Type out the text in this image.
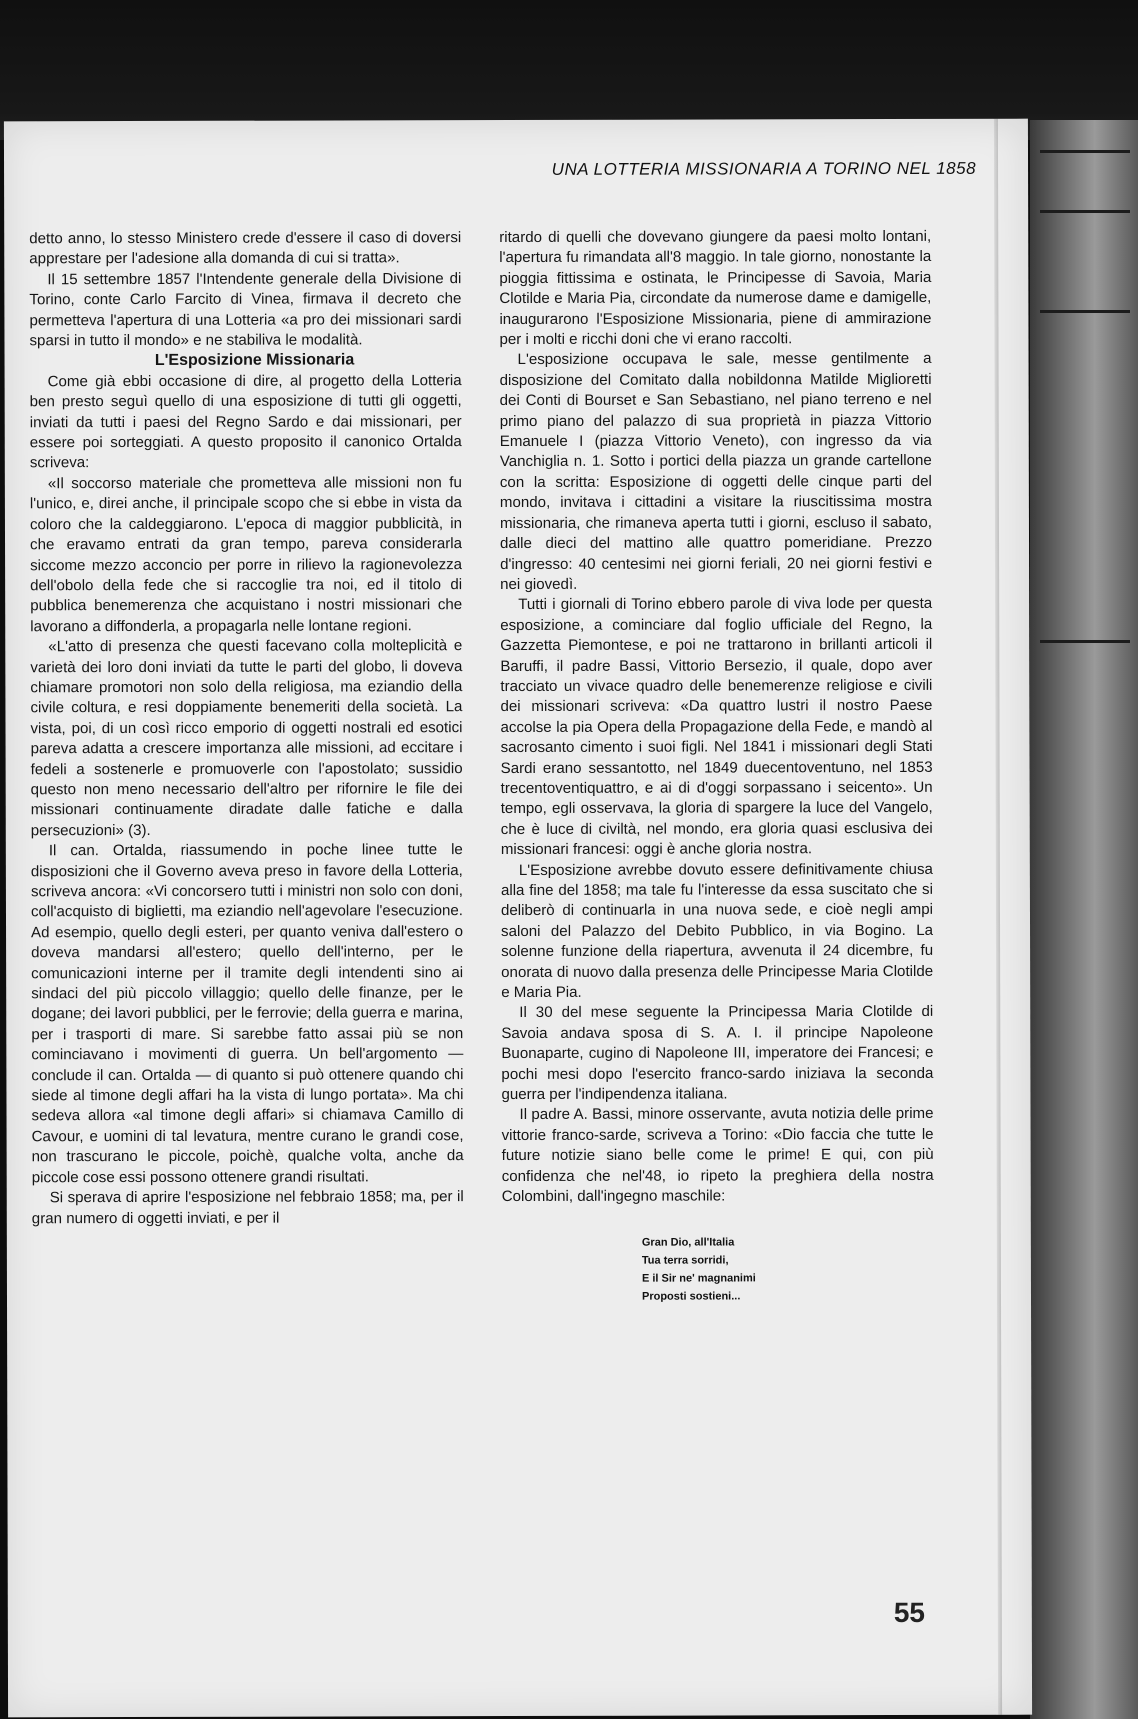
UNA LOTTERIA MISSIONARIA A TORINO NEL 1858

detto anno, lo stesso Ministero crede d'essere il caso di doversi apprestare per l'adesione alla domanda di cui si tratta».

Il 15 settembre 1857 l'Intendente generale della Divisione di Torino, conte Carlo Farcito di Vinea, firmava il decreto che permetteva l'apertura di una Lotteria «a pro dei missionari sardi sparsi in tutto il mondo» e ne stabiliva le modalità.

L'Esposizione Missionaria

Come già ebbi occasione di dire, al progetto della Lotteria ben presto seguì quello di una esposizione di tutti gli oggetti, inviati da tutti i paesi del Regno Sardo e dai missionari, per essere poi sorteggiati. A questo proposito il canonico Ortalda scriveva:

«Il soccorso materiale che prometteva alle missioni non fu l'unico, e, direi anche, il principale scopo che si ebbe in vista da coloro che la caldeggiarono. L'epoca di maggior pubblicità, in che eravamo entrati da gran tempo, pareva considerarla siccome mezzo acconcio per porre in rilievo la ragionevolezza dell'obolo della fede che si raccoglie tra noi, ed il titolo di pubblica benemerenza che acquistano i nostri missionari che lavorano a diffonderla, a propagarla nelle lontane regioni.

«L'atto di presenza che questi facevano colla molteplicità e varietà dei loro doni inviati da tutte le parti del globo, li doveva chiamare promotori non solo della religiosa, ma eziandio della civile coltura, e resi doppiamente benemeriti della società. La vista, poi, di un così ricco emporio di oggetti nostrali ed esotici pareva adatta a crescere importanza alle missioni, ad eccitare i fedeli a sostenerle e promuoverle con l'apostolato; sussidio questo non meno necessario dell'altro per rifornire le file dei missionari continuamente diradate dalle fatiche e dalla persecuzioni» (3).

Il can. Ortalda, riassumendo in poche linee tutte le disposizioni che il Governo aveva preso in favore della Lotteria, scriveva ancora: «Vi concorsero tutti i ministri non solo con doni, coll'acquisto di biglietti, ma eziandio nell'agevolare l'esecuzione. Ad esempio, quello degli esteri, per quanto veniva dall'estero o doveva mandarsi all'estero; quello dell'interno, per le comunicazioni interne per il tramite degli intendenti sino ai sindaci del più piccolo villaggio; quello delle finanze, per le dogane; dei lavori pubblici, per le ferrovie; della guerra e marina, per i trasporti di mare. Si sarebbe fatto assai più se non cominciavano i movimenti di guerra. Un bell'argomento — conclude il can. Ortalda — di quanto si può ottenere quando chi siede al timone degli affari ha la vista di lungo portata». Ma chi sedeva allora «al timone degli affari» si chiamava Camillo di Cavour, e uomini di tal levatura, mentre curano le grandi cose, non trascurano le piccole, poichè, qualche volta, anche da piccole cose essi possono ottenere grandi risultati.

Si sperava di aprire l'esposizione nel febbraio 1858; ma, per il gran numero di oggetti inviati, e per il

ritardo di quelli che dovevano giungere da paesi molto lontani, l'apertura fu rimandata all'8 maggio. In tale giorno, nonostante la pioggia fittissima e ostinata, le Principesse di Savoia, Maria Clotilde e Maria Pia, circondate da numerose dame e damigelle, inaugurarono l'Esposizione Missionaria, piene di ammirazione per i molti e ricchi doni che vi erano raccolti.

L'esposizione occupava le sale, messe gentilmente a disposizione del Comitato dalla nobildonna Matilde Miglioretti dei Conti di Bourset e San Sebastiano, nel piano terreno e nel primo piano del palazzo di sua proprietà in piazza Vittorio Emanuele I (piazza Vittorio Veneto), con ingresso da via Vanchiglia n. 1. Sotto i portici della piazza un grande cartellone con la scritta: Esposizione di oggetti delle cinque parti del mondo, invitava i cittadini a visitare la riuscitissima mostra missionaria, che rimaneva aperta tutti i giorni, escluso il sabato, dalle dieci del mattino alle quattro pomeridiane. Prezzo d'ingresso: 40 centesimi nei giorni feriali, 20 nei giorni festivi e nei giovedì.

Tutti i giornali di Torino ebbero parole di viva lode per questa esposizione, a cominciare dal foglio ufficiale del Regno, la Gazzetta Piemontese, e poi ne trattarono in brillanti articoli il Baruffi, il padre Bassi, Vittorio Bersezio, il quale, dopo aver tracciato un vivace quadro delle benemerenze religiose e civili dei missionari scriveva: «Da quattro lustri il nostro Paese accolse la pia Opera della Propagazione della Fede, e mandò al sacrosanto cimento i suoi figli. Nel 1841 i missionari degli Stati Sardi erano sessantotto, nel 1849 duecentoventuno, nel 1853 trecentoventiquattro, e ai di d'oggi sorpassano i seicento». Un tempo, egli osservava, la gloria di spargere la luce del Vangelo, che è luce di civiltà, nel mondo, era gloria quasi esclusiva dei missionari francesi: oggi è anche gloria nostra.

L'Esposizione avrebbe dovuto essere definitivamente chiusa alla fine del 1858; ma tale fu l'interesse da essa suscitato che si deliberò di continuarla in una nuova sede, e cioè negli ampi saloni del Palazzo del Debito Pubblico, in via Bogino. La solenne funzione della riapertura, avvenuta il 24 dicembre, fu onorata di nuovo dalla presenza delle Principesse Maria Clotilde e Maria Pia.

Il 30 del mese seguente la Principessa Maria Clotilde di Savoia andava sposa di S. A. I. il principe Napoleone Buonaparte, cugino di Napoleone III, imperatore dei Francesi; e pochi mesi dopo l'esercito franco-sardo iniziava la seconda guerra per l'indipendenza italiana.

Il padre A. Bassi, minore osservante, avuta notizia delle prime vittorie franco-sarde, scriveva a Torino: «Dio faccia che tutte le future notizie siano belle come le prime! E qui, con più confidenza che nel'48, io ripeto la preghiera della nostra Colombini, dall'ingegno maschile:

Gran Dio, all'Italia
Tua terra sorridi,
E il Sir ne' magnanimi
Proposti sostieni...
55
